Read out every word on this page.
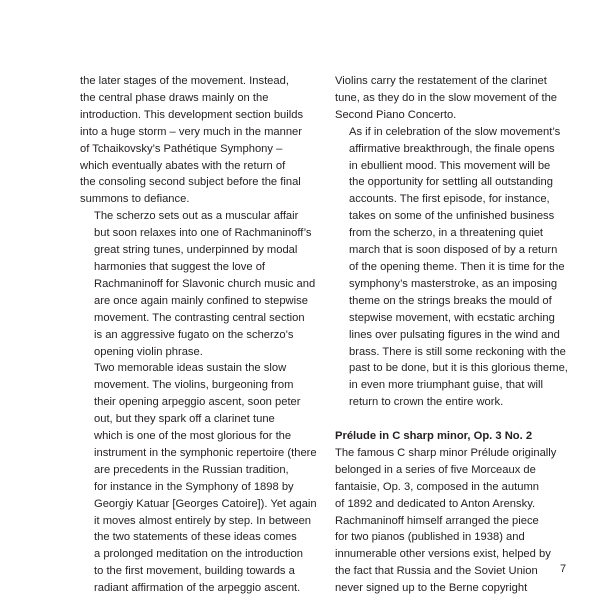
the later stages of the movement. Instead,
the central phase draws mainly on the
introduction. This development section builds
into a huge storm – very much in the manner
of Tchaikovsky’s Pathétique Symphony –
which eventually abates with the return of
the consoling second subject before the final
summons to defiance.

The scherzo sets out as a muscular affair
but soon relaxes into one of Rachmaninoff’s
great string tunes, underpinned by modal
harmonies that suggest the love of
Rachmaninoff for Slavonic church music and
are once again mainly confined to stepwise
movement. The contrasting central section
is an aggressive fugato on the scherzo’s
opening violin phrase.

Two memorable ideas sustain the slow
movement. The violins, burgeoning from
their opening arpeggio ascent, soon peter
out, but they spark off a clarinet tune
which is one of the most glorious for the
instrument in the symphonic repertoire (there
are precedents in the Russian tradition,
for instance in the Symphony of 1898 by
Georgiy Katuar [Georges Catoire]). Yet again
it moves almost entirely by step. In between
the two statements of these ideas comes
a prolonged meditation on the introduction
to the first movement, building towards a
radiant affirmation of the arpeggio ascent.

Violins carry the restatement of the clarinet
tune, as they do in the slow movement of the
Second Piano Concerto.

As if in celebration of the slow movement’s
affirmative breakthrough, the finale opens
in ebullient mood. This movement will be
the opportunity for settling all outstanding
accounts. The first episode, for instance,
takes on some of the unfinished business
from the scherzo, in a threatening quiet
march that is soon disposed of by a return
of the opening theme. Then it is time for the
symphony’s masterstroke, as an imposing
theme on the strings breaks the mould of
stepwise movement, with ecstatic arching
lines over pulsating figures in the wind and
brass. There is still some reckoning with the
past to be done, but it is this glorious theme,
in even more triumphant guise, that will
return to crown the entire work.

Prélude in C sharp minor, Op. 3 No. 2

The famous C sharp minor Prélude originally
belonged in a series of five Morceaux de
fantaisie, Op. 3, composed in the autumn
of 1892 and dedicated to Anton Arensky.
Rachmaninoff himself arranged the piece
for two pianos (published in 1938) and
innumerable other versions exist, helped by
the fact that Russia and the Soviet Union
never signed up to the Berne copyright

7
